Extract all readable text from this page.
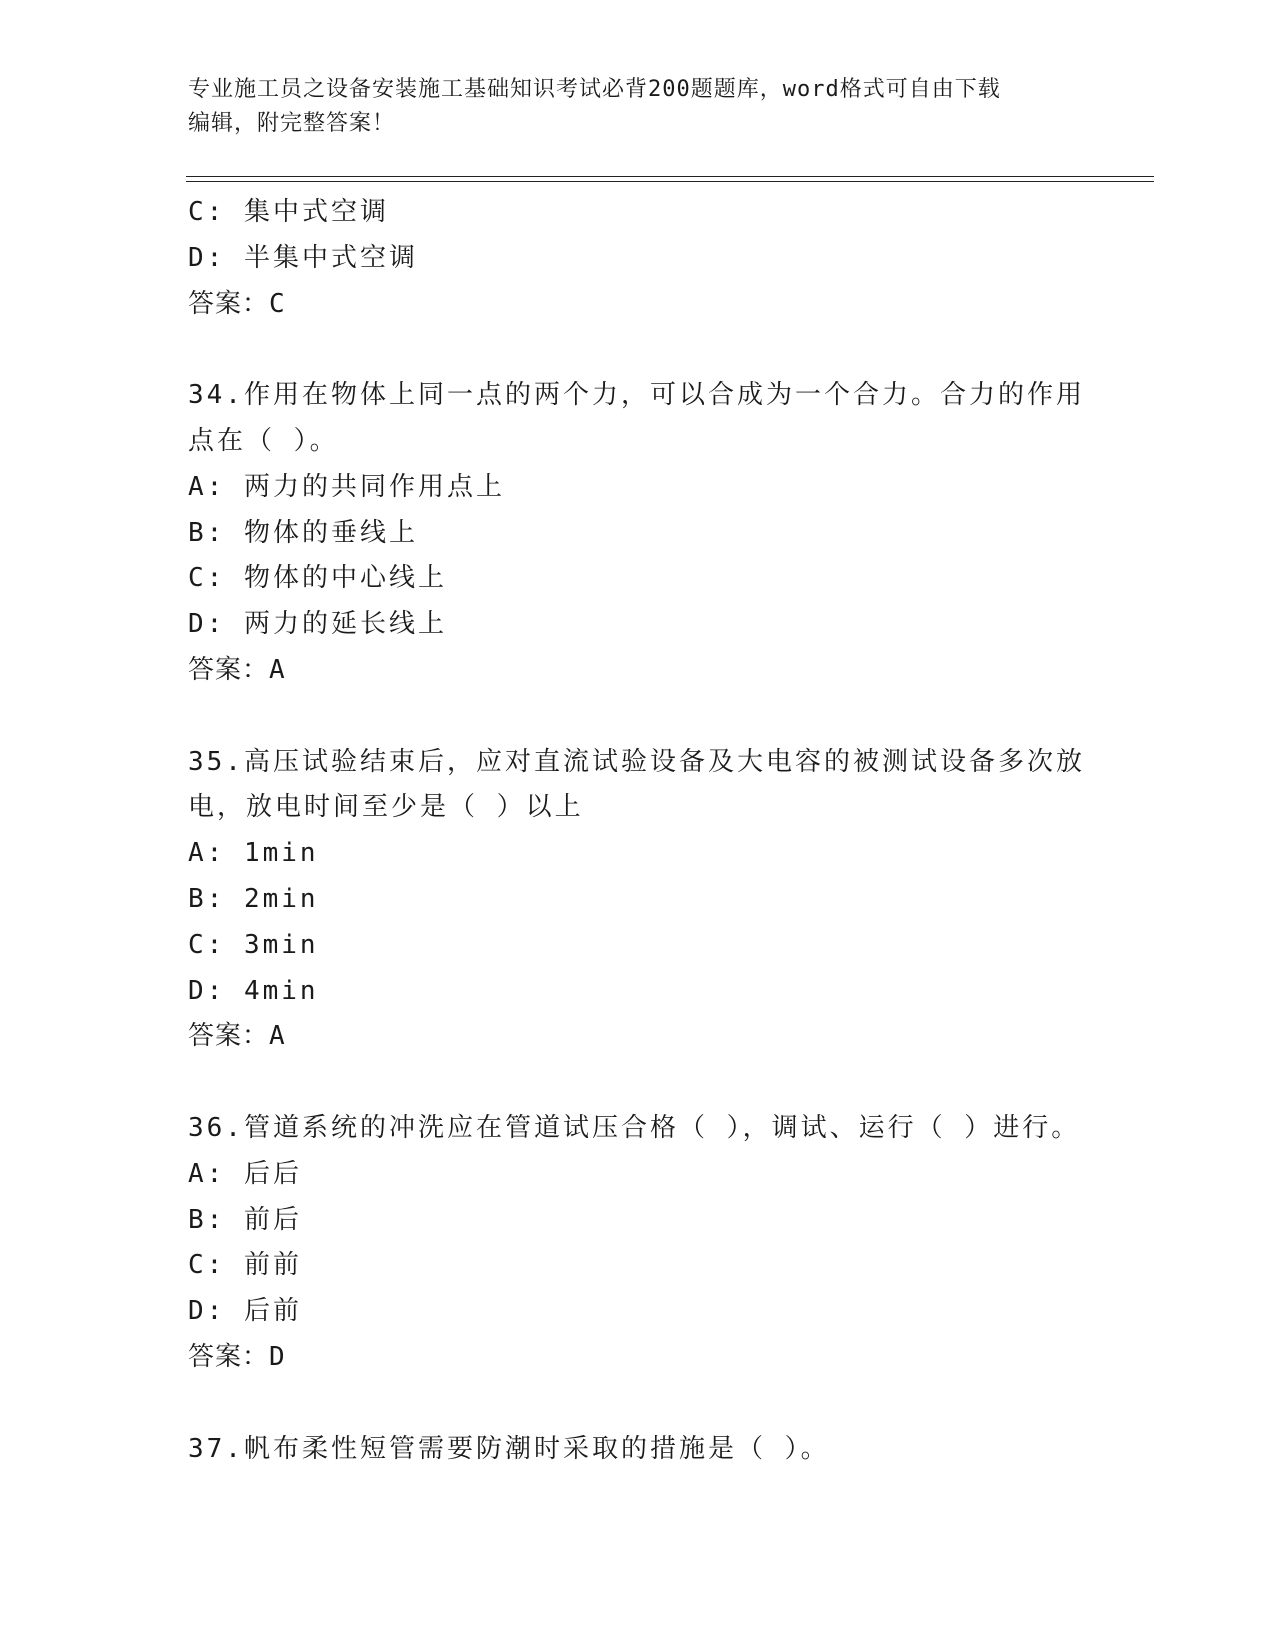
专业施工员之设备安装施工基础知识考试必背200题题库，word格式可自由下载
编辑，附完整答案！
C: 集中式空调
D: 半集中式空调
答案：C
34.作用在物体上同一点的两个力，可以合成为一个合力。合力的作用
点在（ ）。
A: 两力的共同作用点上
B: 物体的垂线上
C: 物体的中心线上
D: 两力的延长线上
答案：A
35.高压试验结束后，应对直流试验设备及大电容的被测试设备多次放
电，放电时间至少是（ ）以上
A: 1min
B: 2min
C: 3min
D: 4min
答案：A
36.管道系统的冲洗应在管道试压合格（ ），调试、运行（ ）进行。
A: 后后
B: 前后
C: 前前
D: 后前
答案：D
37.帆布柔性短管需要防潮时采取的措施是（ ）。
